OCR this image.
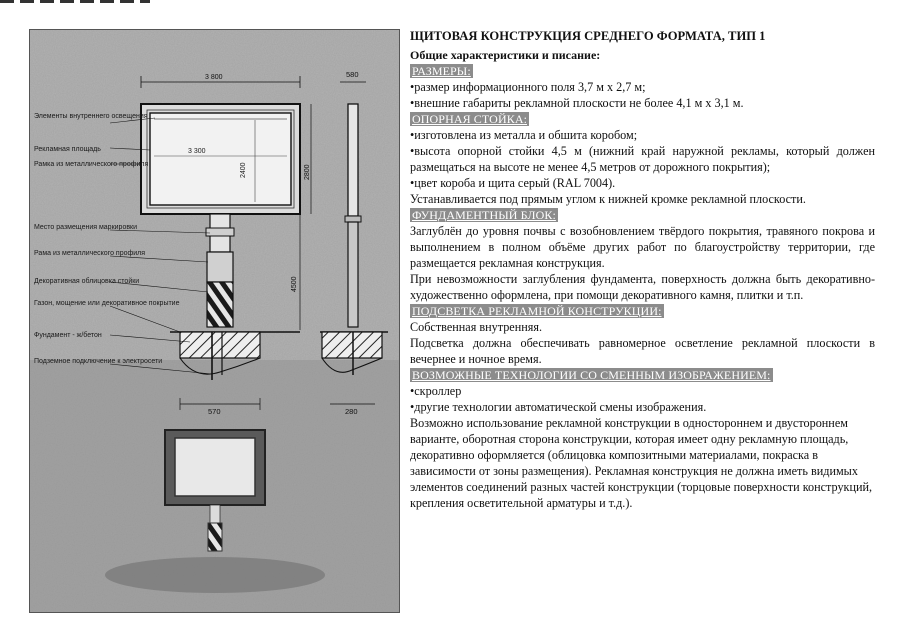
3 800
3 300
2400	2800
4500
570
580
280
Элементы внутреннего освещения
Рекламная площадь
Рамка из металлического профиля
Место размещения маркировки
Рама из металлического профиля
Декоративная облицовка стойки
Газон, мощение или декоративное покрытие
Фундамент - ж/бетон
Подземное подключение к электросети

ЩИТОВАЯ КОНСТРУКЦИЯ СРЕДНЕГО ФОРМАТА, ТИП 1

Общие характеристики и писание:

РАЗМЕРЫ:

•размер информационного поля 3,7 м х 2,7 м;

•внешние габариты рекламной плоскости не более 4,1 м х 3,1 м.

ОПОРНАЯ СТОЙКА:

•изготовлена из металла и обшита коробом;

•высота опорной стойки 4,5 м (нижний край наружной рекламы, который должен размещаться на высоте не менее 4,5 метров от дорожного покрытия);

•цвет короба и щита серый (RAL 7004).

Устанавливается под прямым углом к нижней кромке рекламной плоскости.

ФУНДАМЕНТНЫЙ БЛОК:

Заглублён до уровня почвы с возобновлением твёрдого покрытия, травяного покрова и выполнением в полном объёме других работ по благоустройству территории, где размещается рекламная конструкция.

При невозможности заглубления фундамента, поверхность должна быть декоративно-художественно оформлена, при помощи декоративного камня, плитки и т.п.

ПОДСВЕТКА РЕКЛАМНОЙ КОНСТРУКЦИИ:

Собственная внутренняя.

Подсветка должна обеспечивать равномерное осветление рекламной плоскости в вечернее и ночное время.

ВОЗМОЖНЫЕ ТЕХНОЛОГИИ СО СМЕННЫМ ИЗОБРАЖЕНИЕМ:

•скроллер

•другие технологии автоматической смены изображения.

Возможно использование рекламной конструкции в одностороннем и двустороннем варианте, оборотная сторона конструкции, которая имеет одну рекламную площадь, декоративно оформляется (облицовка композитными материалами, покраска в зависимости от зоны размещения). Рекламная конструкция не должна иметь видимых элементов соединений разных частей конструкции (торцовые поверхности конструкций, крепления осветительной арматуры и т.д.).
